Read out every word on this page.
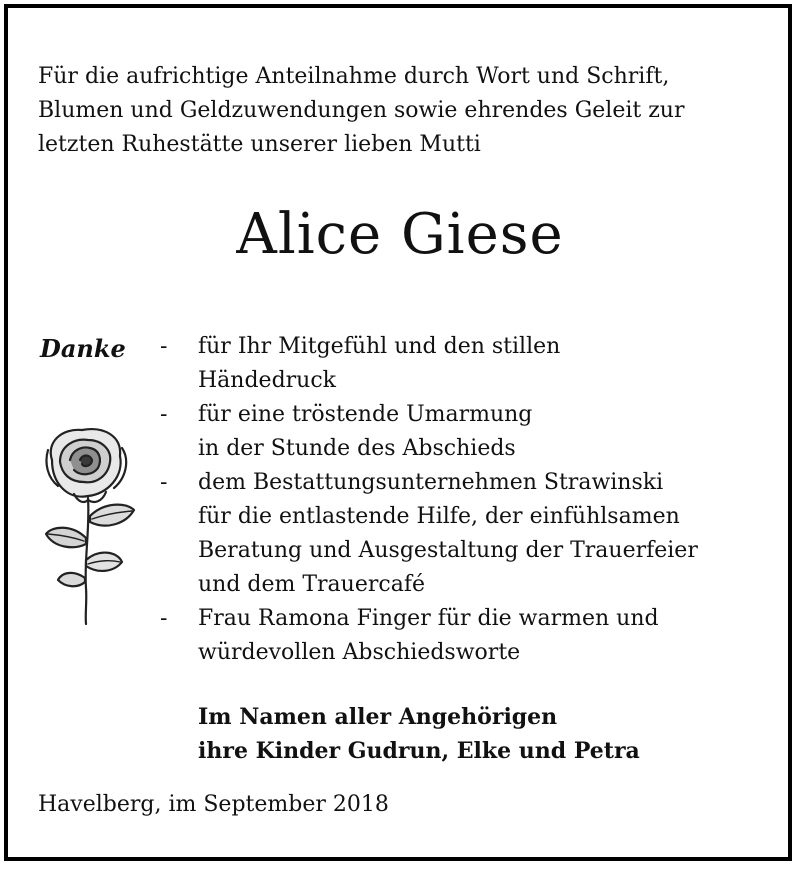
Für die aufrichtige Anteilnahme durch Wort und Schrift,
Blumen und Geldzuwendungen sowie ehrendes Geleit zur
letzten Ruhestätte unserer lieben Mutti

Alice Giese

Danke - für Ihr Mitgefühl und den stillen
Händedruck
- für eine tröstende Umarmung
in der Stunde des Abschieds
- dem Bestattungsunternehmen Strawinski
für die entlastende Hilfe, der einfühlsamen
Beratung und Ausgestaltung der Trauerfeier
und dem Trauercafé
- Frau Ramona Finger für die warmen und
würdevollen Abschiedsworte

Im Namen aller Angehörigen
ihre Kinder Gudrun, Elke und Petra

Havelberg, im September 2018
